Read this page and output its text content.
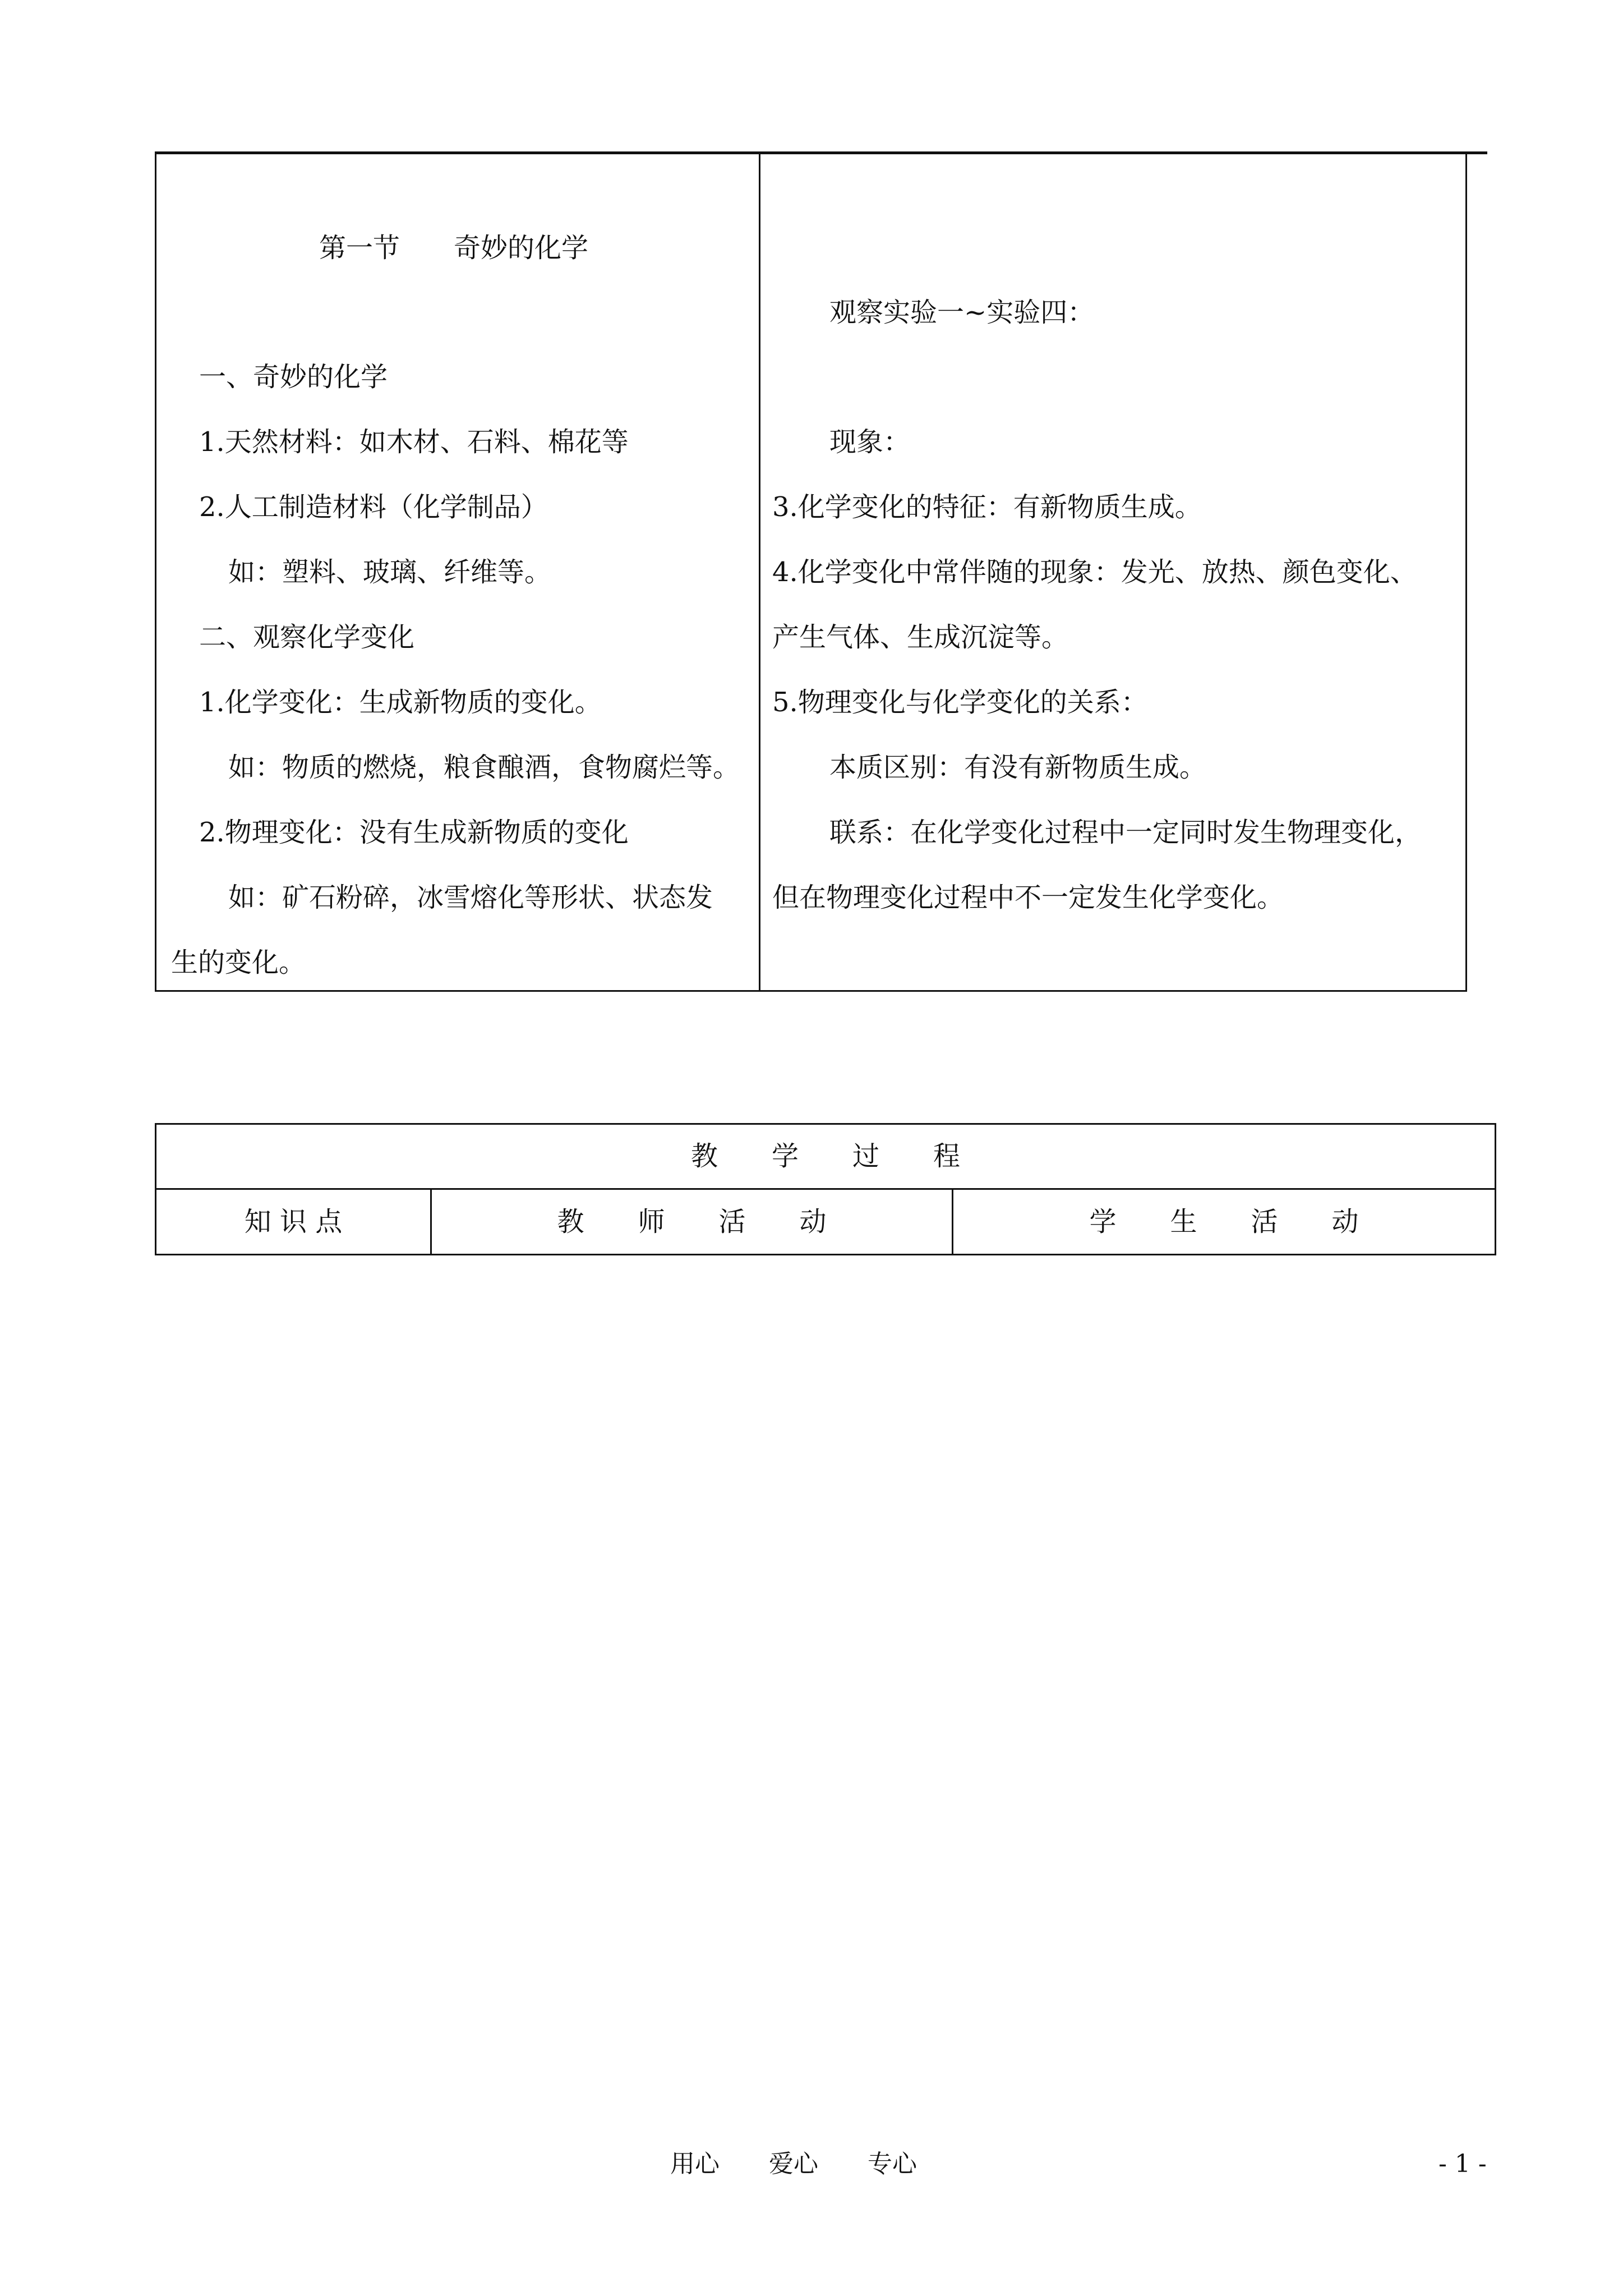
第一节　　奇妙的化学
一、奇妙的化学
1.天然材料：如木材、石料、棉花等
2.人工制造材料（化学制品）
如：塑料、玻璃、纤维等。
二、观察化学变化
1.化学变化：生成新物质的变化。
如：物质的燃烧，粮食酿酒，食物腐烂等。
2.物理变化：没有生成新物质的变化
如：矿石粉碎，冰雪熔化等形状、状态发
生的变化。
观察实验一~实验四：
现象：
3.化学变化的特征：有新物质生成。
4.化学变化中常伴随的现象：发光、放热、颜色变化、
产生气体、生成沉淀等。
5.物理变化与化学变化的关系：
本质区别：有没有新物质生成。
联系：在化学变化过程中一定同时发生物理变化，
但在物理变化过程中不一定发生化学变化。
教　　学　　过　　程
知 识 点	教　　师　　活　　动	学　　生　　活　　动
用心　　爱心　　专心	- 1 -
